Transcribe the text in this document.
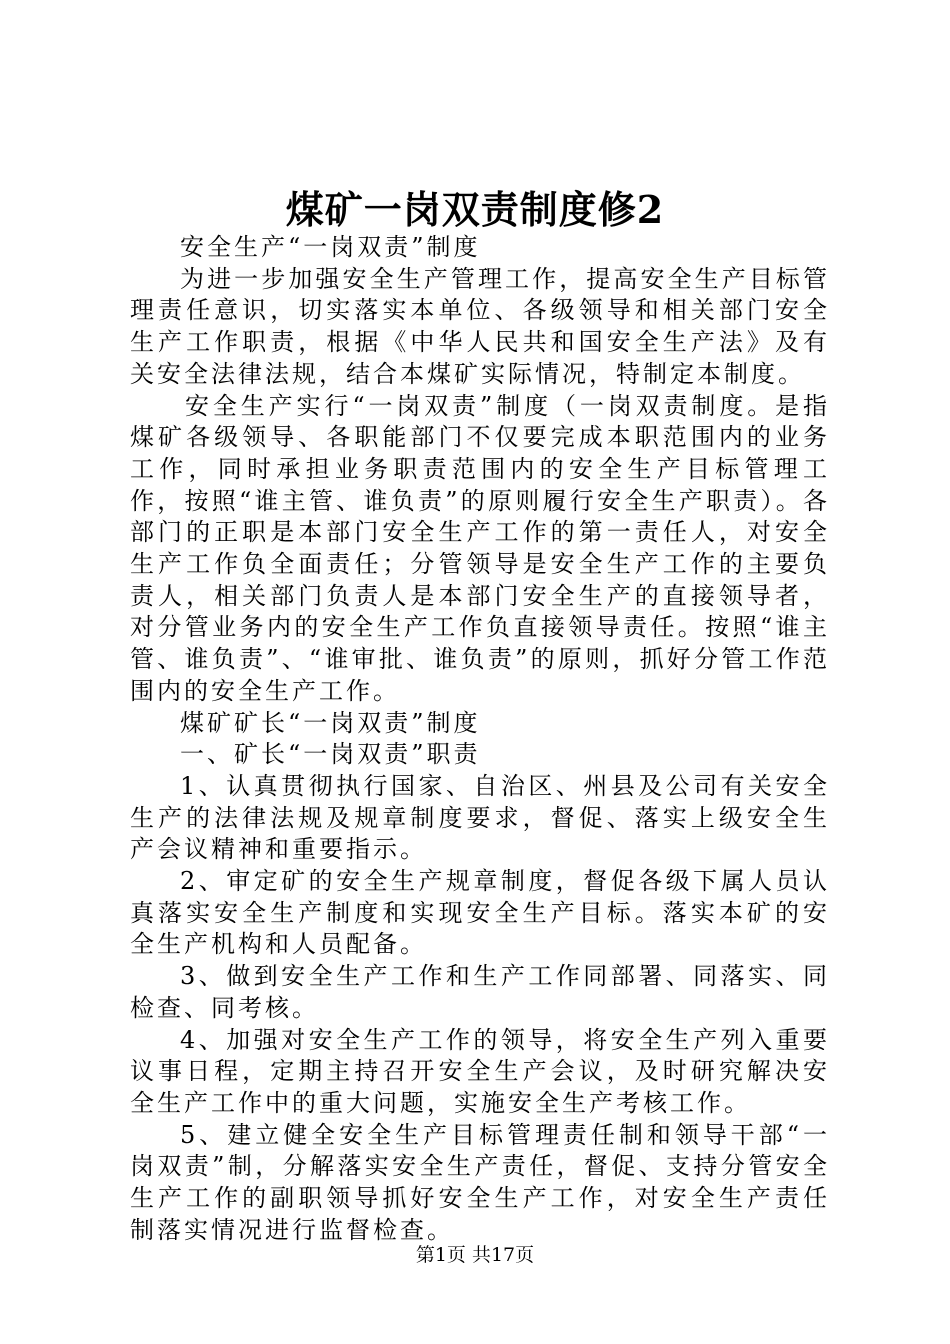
煤矿一岗双责制度修2

安全生产“一岗双责”制度

为进一步加强安全生产管理工作，提高安全生产目标管理责任意识，切实落实本单位、各级领导和相关部门安全生产工作职责，根据《中华人民共和国安全生产法》及有关安全法律法规，结合本煤矿实际情况，特制定本制度。

安全生产实行“一岗双责”制度（一岗双责制度。是指煤矿各级领导、各职能部门不仅要完成本职范围内的业务工作，同时承担业务职责范围内的安全生产目标管理工作，按照“谁主管、谁负责”的原则履行安全生产职责）。各部门的正职是本部门安全生产工作的第一责任人，对安全生产工作负全面责任；分管领导是安全生产工作的主要负责人，相关部门负责人是本部门安全生产的直接领导者，对分管业务内的安全生产工作负直接领导责任。按照“谁主管、谁负责”、“谁审批、谁负责”的原则，抓好分管工作范围内的安全生产工作。

煤矿矿长“一岗双责”制度

一、矿长“一岗双责”职责

1、认真贯彻执行国家、自治区、州县及公司有关安全生产的法律法规及规章制度要求，督促、落实上级安全生产会议精神和重要指示。

2、审定矿的安全生产规章制度，督促各级下属人员认真落实安全生产制度和实现安全生产目标。落实本矿的安全生产机构和人员配备。

3、做到安全生产工作和生产工作同部署、同落实、同检查、同考核。

4、加强对安全生产工作的领导，将安全生产列入重要议事日程，定期主持召开安全生产会议，及时研究解决安全生产工作中的重大问题，实施安全生产考核工作。

5、建立健全安全生产目标管理责任制和领导干部“一岗双责”制，分解落实安全生产责任，督促、支持分管安全生产工作的副职领导抓好安全生产工作，对安全生产责任制落实情况进行监督检查。

第1页 共17页
